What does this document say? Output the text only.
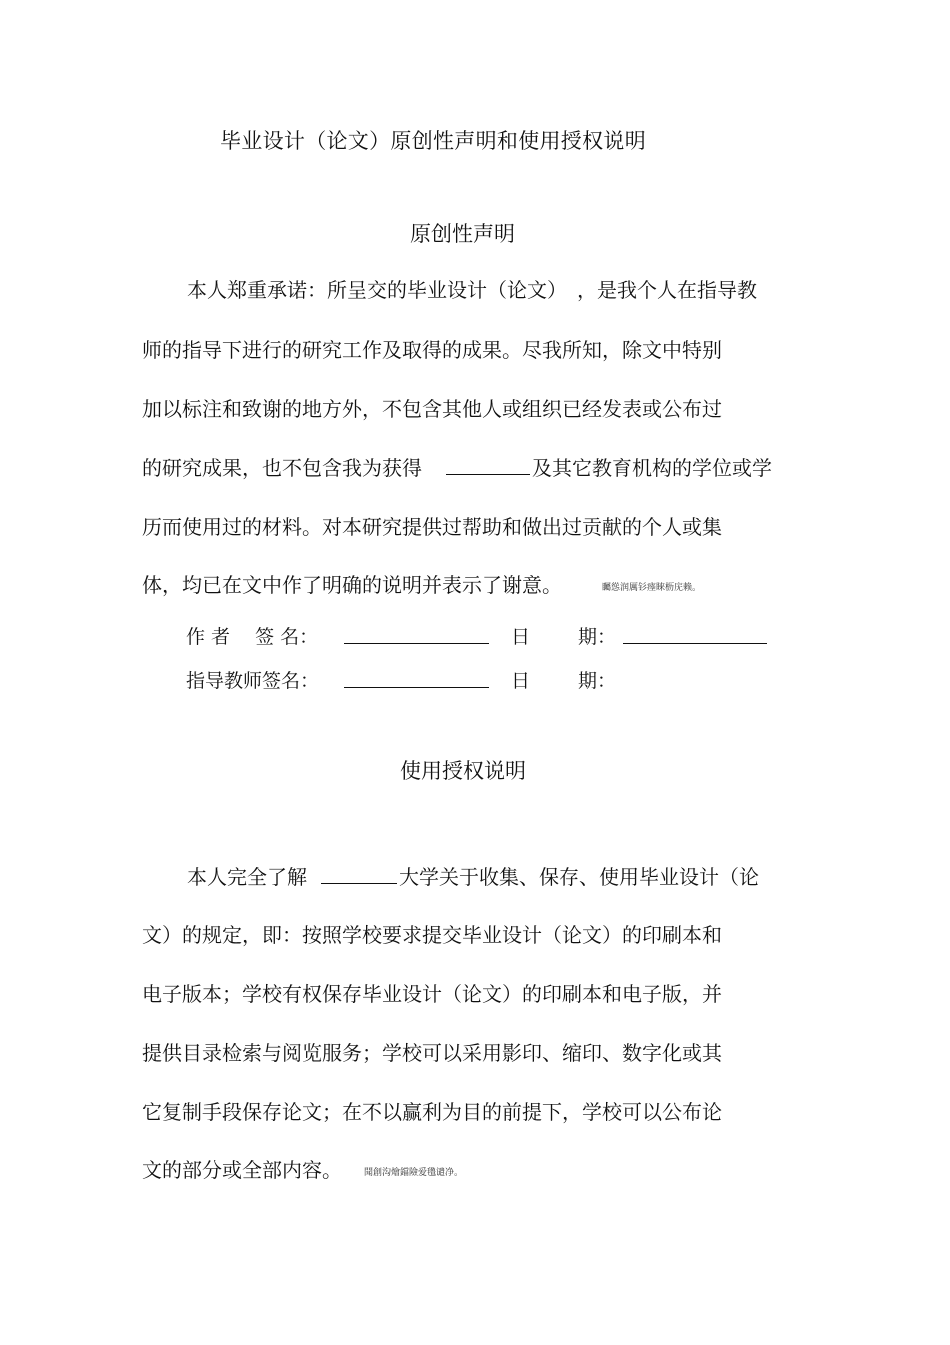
毕业设计（论文）原创性声明和使用授权说明
原创性声明
本人郑重承诺：所呈交的毕业设计（论文）　，是我个人在指导教
师的指导下进行的研究工作及取得的成果。尽我所知，除文中特别
加以标注和致谢的地方外，不包含其他人或组织已经发表或公布过
的研究成果，也不包含我为获得	及其它教育机构的学位或学
历而使用过的材料。对本研究提供过帮助和做出过贡献的个人或集
体，均已在文中作了明确的说明并表示了谢意。	矚慫润厲钐瘗睞枥庑赖。
作 者　 签 名：	日	期：
指导教师签名：	日	期：
使用授权说明
本人完全了解	大学关于收集、保存、使用毕业设计（论
文）的规定，即：按照学校要求提交毕业设计（论文）的印刷本和
电子版本；学校有权保存毕业设计（论文）的印刷本和电子版，并
提供目录检索与阅览服务；学校可以采用影印、缩印、数字化或其
它复制手段保存论文；在不以赢利为目的前提下，学校可以公布论
文的部分或全部内容。 聞創沟燴鐺險爱氇谴净。
